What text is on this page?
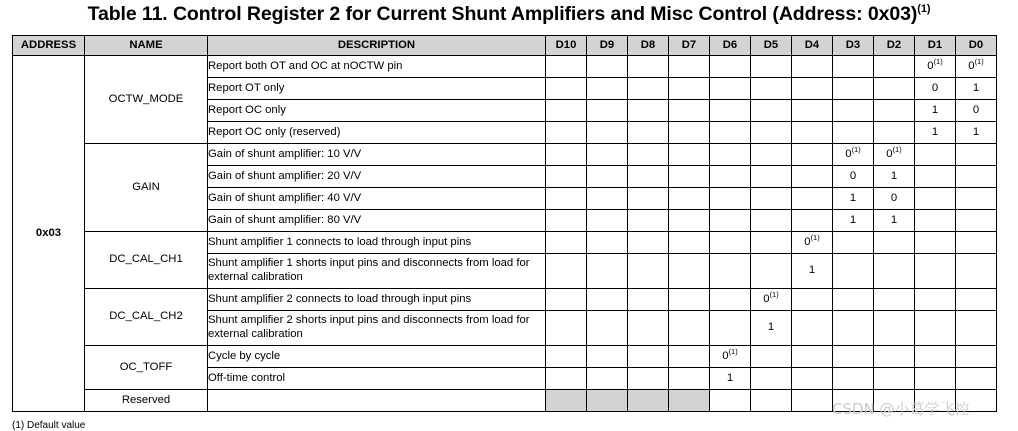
Table 11. Control Register 2 for Current Shunt Amplifiers and Misc Control (Address: 0x03)$^{(1)}$
ADDRESS	NAME	DESCRIPTION	D10	D9	D8	D7	D6	D5	D4	D3	D2	D1	D0
0x03	OCTW_MODE	Report both OT and OC at nOCTW pin										0$^{(1)}$	0$^{(1)}$
		Report OT only										0	1
		Report OC only										1	0
		Report OC only (reserved)										1	1
	GAIN	Gain of shunt amplifier: 10 V/V								0$^{(1)}$	0$^{(1)}$		
		Gain of shunt amplifier: 20 V/V								0	1		
		Gain of shunt amplifier: 40 V/V								1	0		
		Gain of shunt amplifier: 80 V/V								1	1		
	DC_CAL_CH1	Shunt amplifier 1 connects to load through input pins							0$^{(1)}$				
		Shunt amplifier 1 shorts input pins and disconnects from load for external calibration							1				
	DC_CAL_CH2	Shunt amplifier 2 connects to load through input pins						0$^{(1)}$					
		Shunt amplifier 2 shorts input pins and disconnects from load for external calibration						1					
	OC_TOFF	Cycle by cycle					0$^{(1)}$						
		Off-time control					1						
	Reserved												
(1) Default value
CSDN @小葛学飞控
